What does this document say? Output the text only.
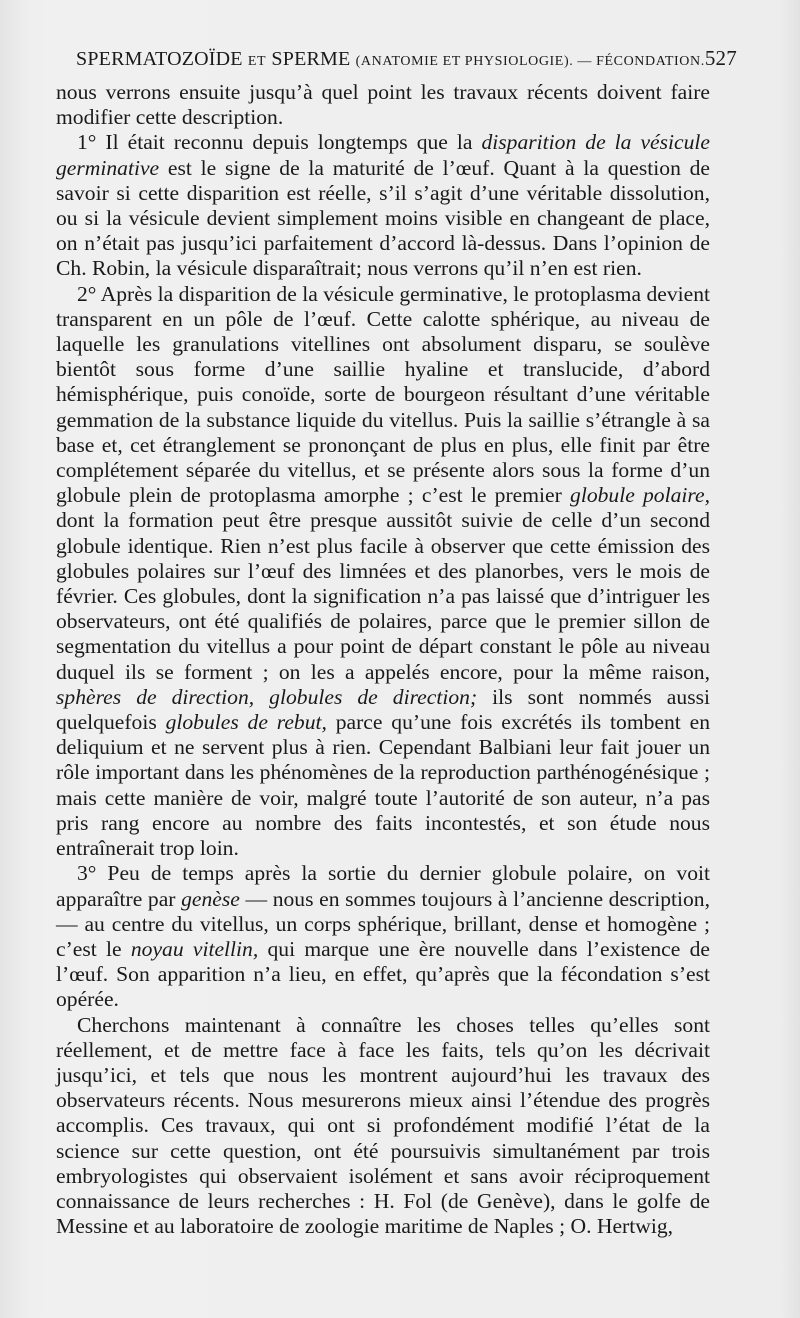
SPERMATOZOÏDE ET SPERME (ANATOMIE ET PHYSIOLOGIE). — FÉCONDATION. 527

nous verrons ensuite jusqu’à quel point les travaux récents doivent faire modifier cette description.

1° Il était reconnu depuis longtemps que la disparition de la vésicule germinative est le signe de la maturité de l’œuf. Quant à la question de savoir si cette disparition est réelle, s’il s’agit d’une véritable dissolution, ou si la vésicule devient simplement moins visible en changeant de place, on n’était pas jusqu’ici parfaitement d’accord là-dessus. Dans l’opinion de Ch. Robin, la vésicule disparaîtrait; nous verrons qu’il n’en est rien.

2° Après la disparition de la vésicule germinative, le protoplasma devient transparent en un pôle de l’œuf. Cette calotte sphérique, au niveau de laquelle les granulations vitellines ont absolument disparu, se soulève bientôt sous forme d’une saillie hyaline et translucide, d’abord hémisphérique, puis conoïde, sorte de bourgeon résultant d’une véritable gemmation de la substance liquide du vitellus. Puis la saillie s’étrangle à sa base et, cet étranglement se prononçant de plus en plus, elle finit par être complétement séparée du vitellus, et se présente alors sous la forme d’un globule plein de protoplasma amorphe ; c’est le premier globule polaire, dont la formation peut être presque aussitôt suivie de celle d’un second globule identique. Rien n’est plus facile à observer que cette émission des globules polaires sur l’œuf des limnées et des planorbes, vers le mois de février. Ces globules, dont la signification n’a pas laissé que d’intriguer les observateurs, ont été qualifiés de polaires, parce que le premier sillon de segmentation du vitellus a pour point de départ constant le pôle au niveau duquel ils se forment ; on les a appelés encore, pour la même raison, sphères de direction, globules de direction; ils sont nommés aussi quelquefois globules de rebut, parce qu’une fois excrétés ils tombent en deliquium et ne servent plus à rien. Cependant Balbiani leur fait jouer un rôle important dans les phénomènes de la reproduction parthénogénésique ; mais cette manière de voir, malgré toute l’autorité de son auteur, n’a pas pris rang encore au nombre des faits incontestés, et son étude nous entraînerait trop loin.

3° Peu de temps après la sortie du dernier globule polaire, on voit apparaître par genèse — nous en sommes toujours à l’ancienne description, — au centre du vitellus, un corps sphérique, brillant, dense et homogène ; c’est le noyau vitellin, qui marque une ère nouvelle dans l’existence de l’œuf. Son apparition n’a lieu, en effet, qu’après que la fécondation s’est opérée.

Cherchons maintenant à connaître les choses telles qu’elles sont réellement, et de mettre face à face les faits, tels qu’on les décrivait jusqu’ici, et tels que nous les montrent aujourd’hui les travaux des observateurs récents. Nous mesurerons mieux ainsi l’étendue des progrès accomplis. Ces travaux, qui ont si profondément modifié l’état de la science sur cette question, ont été poursuivis simultanément par trois embryologistes qui observaient isolément et sans avoir réciproquement connaissance de leurs recherches : H. Fol (de Genève), dans le golfe de Messine et au laboratoire de zoologie maritime de Naples ; O. Hertwig,
